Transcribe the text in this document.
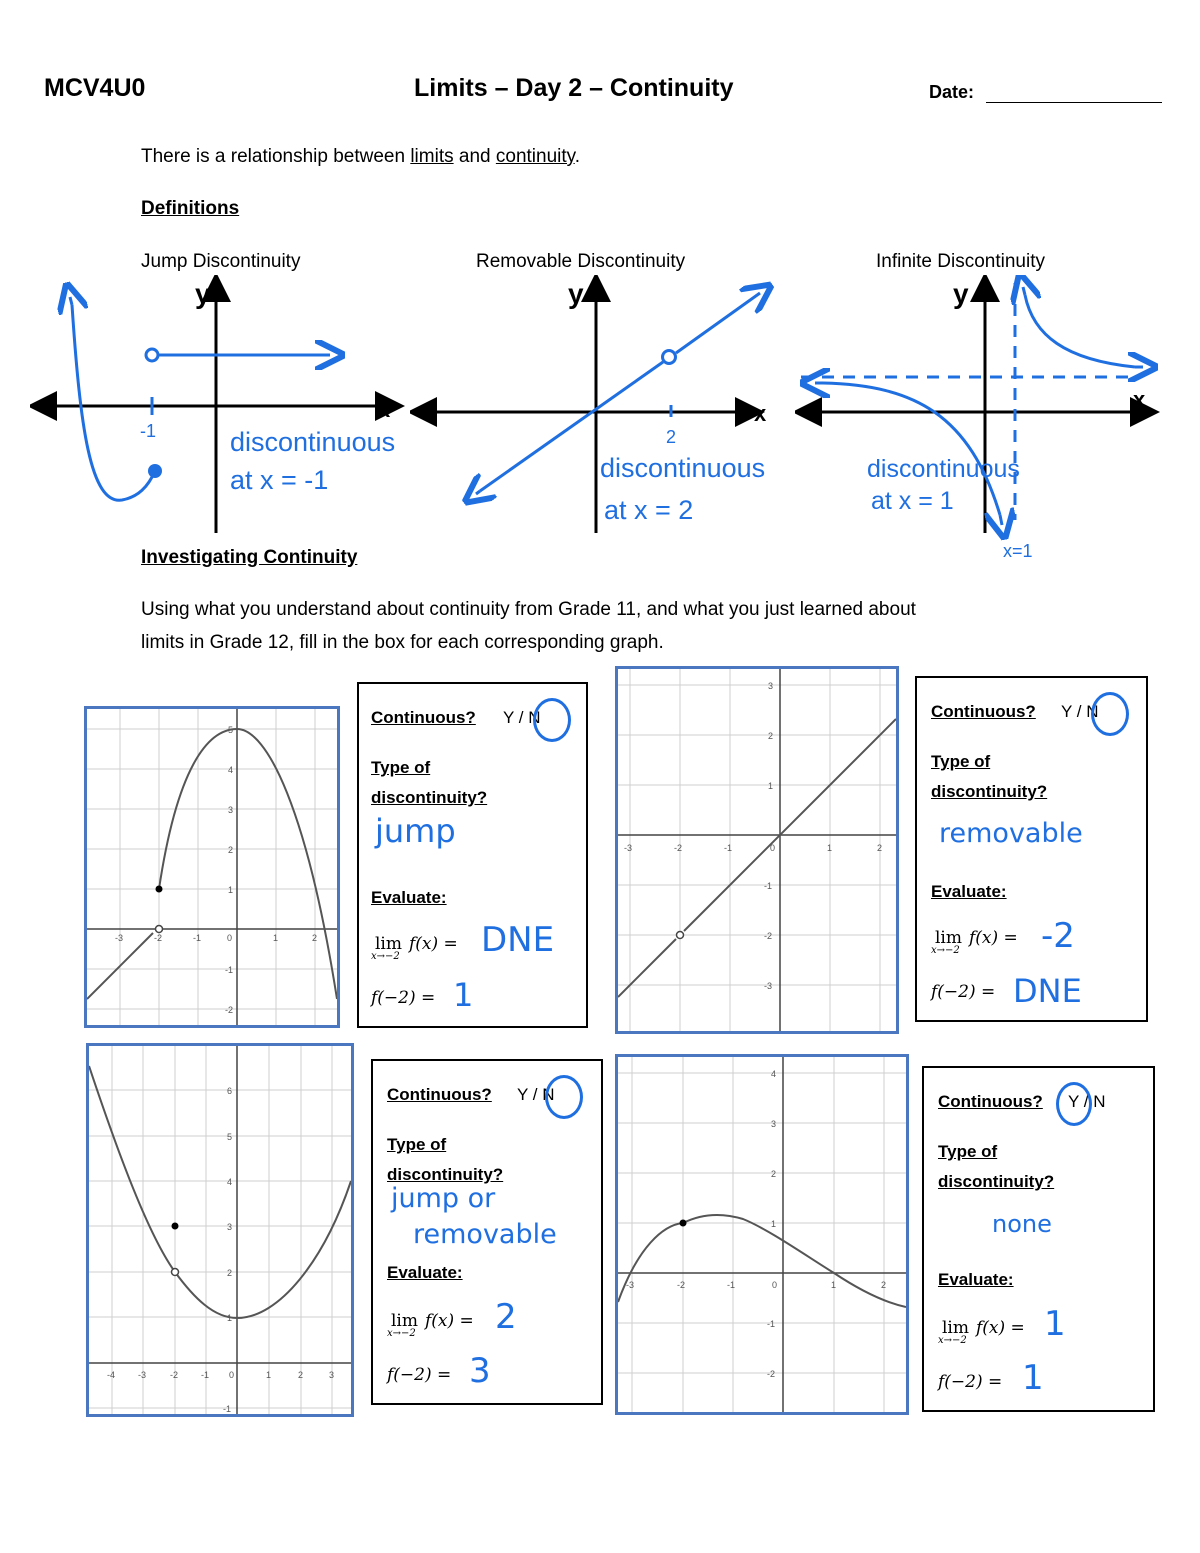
MCV4U0	Limits – Day 2 – Continuity	Date:
There is a relationship between limits and continuity.
Definitions
Jump Discontinuity	Removable Discontinuity	Infinite Discontinuity
y
x
-1	discontinuous
at x = -1
y
x
2
discontinuous
at x = 2
y
x
discontinuous
at x = 1
x=1
Investigating Continuity
Using what you understand about continuity from Grade 11, and what you just learned about
limits in Grade 12, fill in the box for each corresponding graph.
-3	-2	-1	0	1	2
5
4
3
2
1
-1
-2
Continuous? Y / N
Type of
discontinuity?
jump
Evaluate:
lim
x→−2
f(x) = DNE
f(−2) = 1
-3	-2	-1	0	1	2
3
2
1
-1
-2
-3
Continuous? Y / N
Type of
discontinuity?
removable
Evaluate:
lim
x→−2
f(x) = -2
f(−2) = DNE
-4	-3	-2	-1 0	1	2	3
6
5
4
3
2
1
-1
Continuous? Y / N
Type of
discontinuity?
jump or
removable
Evaluate:
lim
x→−2
f(x) = 2
f(−2) = 3
-3	-2	-1	0	1	2
4
3
2
1
-1
-2
Continuous? Y / N
Type of
discontinuity?
none
Evaluate:
lim
x→−2
f(x) = 1
f(−2) = 1
